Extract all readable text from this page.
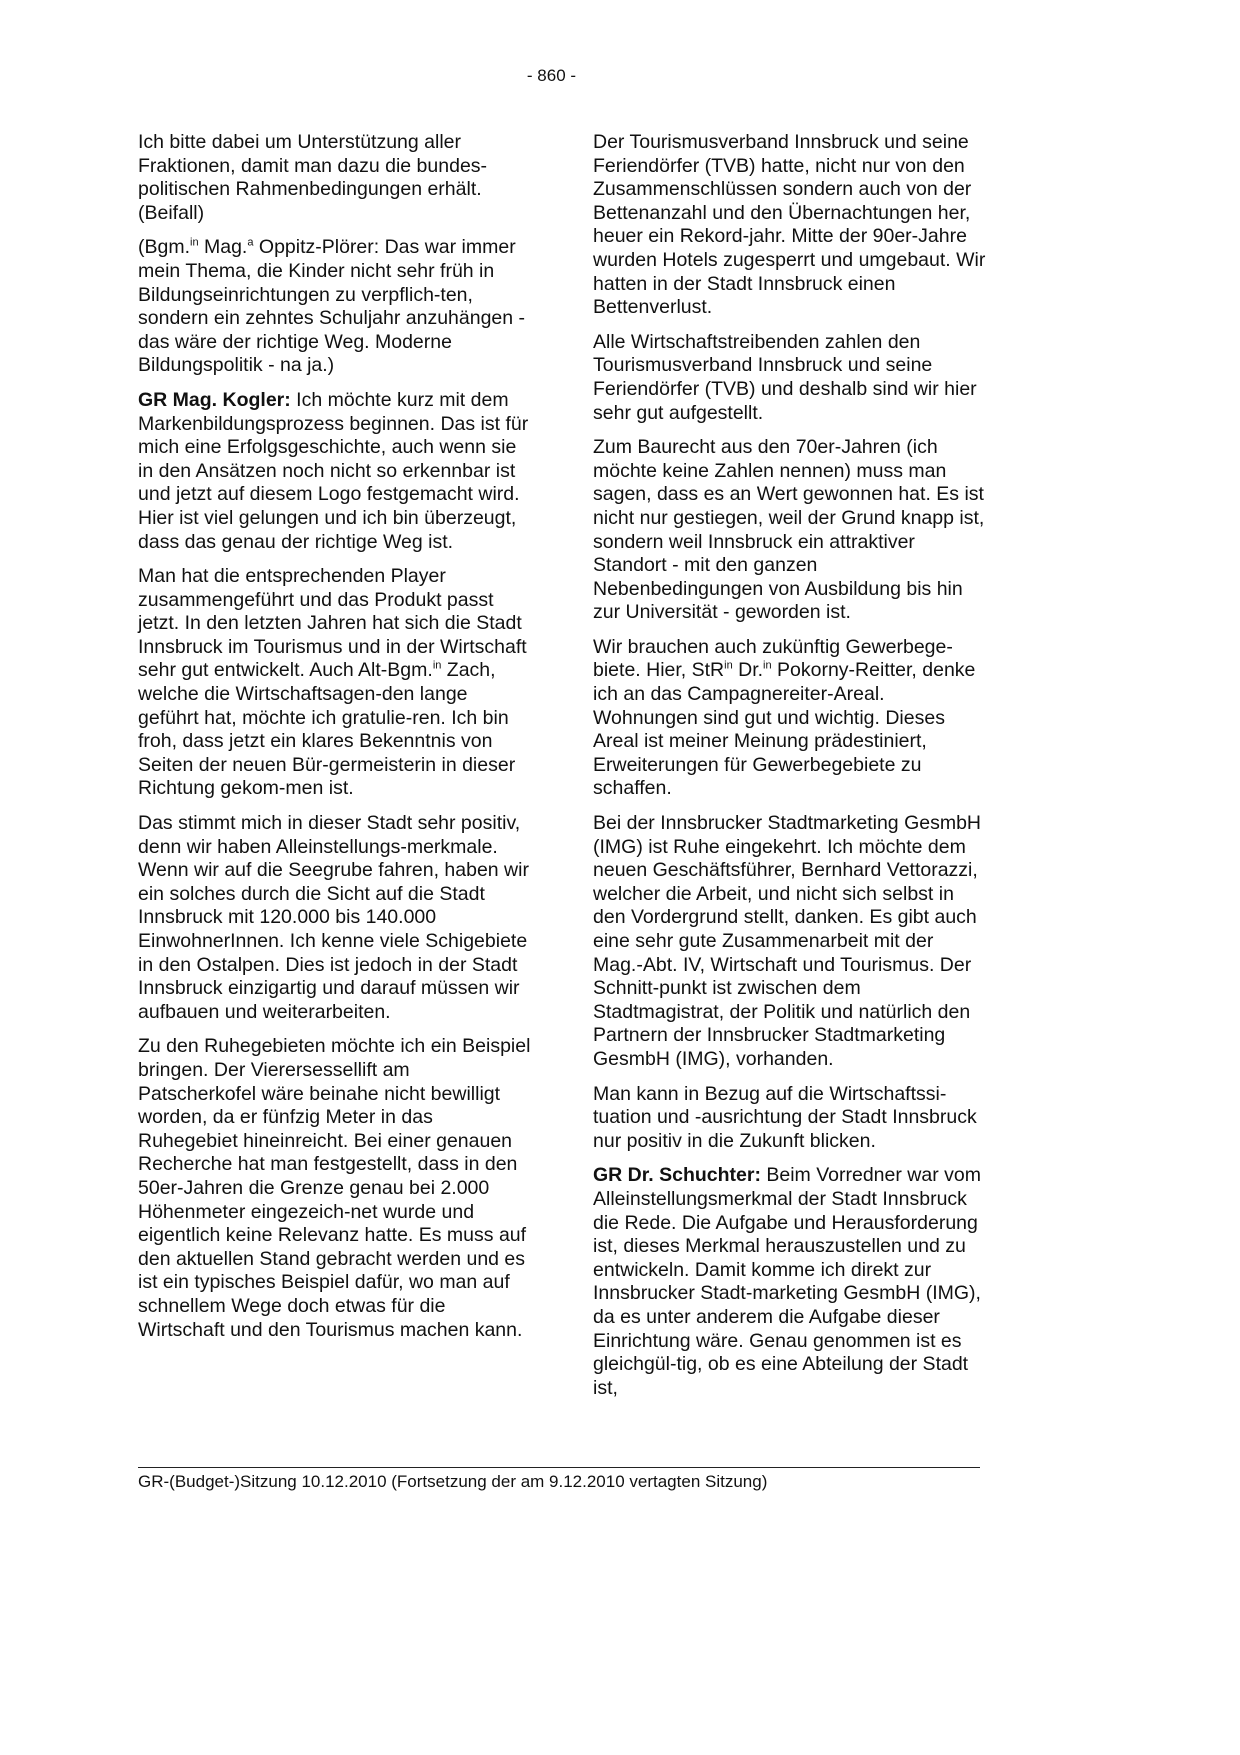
- 860 -

Ich bitte dabei um Unterstützung aller Fraktionen, damit man dazu die bundes-politischen Rahmenbedingungen erhält. (Beifall)

(Bgm.$^{in}$ Mag.$^a$ Oppitz-Plörer: Das war immer mein Thema, die Kinder nicht sehr früh in Bildungseinrichtungen zu verpflich-ten, sondern ein zehntes Schuljahr anzuhängen - das wäre der richtige Weg. Moderne Bildungspolitik - na ja.)

GR Mag. Kogler: Ich möchte kurz mit dem Markenbildungsprozess beginnen. Das ist für mich eine Erfolgsgeschichte, auch wenn sie in den Ansätzen noch nicht so erkennbar ist und jetzt auf diesem Logo festgemacht wird. Hier ist viel gelungen und ich bin überzeugt, dass das genau der richtige Weg ist.

Man hat die entsprechenden Player zusammengeführt und das Produkt passt jetzt. In den letzten Jahren hat sich die Stadt Innsbruck im Tourismus und in der Wirtschaft sehr gut entwickelt. Auch Alt-Bgm.$^{in}$ Zach, welche die Wirtschaftsagen-den lange geführt hat, möchte ich gratulie-ren. Ich bin froh, dass jetzt ein klares Bekenntnis von Seiten der neuen Bür-germeisterin in dieser Richtung gekom-men ist.

Das stimmt mich in dieser Stadt sehr positiv, denn wir haben Alleinstellungs-merkmale. Wenn wir auf die Seegrube fahren, haben wir ein solches durch die Sicht auf die Stadt Innsbruck mit 120.000 bis 140.000 EinwohnerInnen. Ich kenne viele Schigebiete in den Ostalpen. Dies ist jedoch in der Stadt Innsbruck einzigartig und darauf müssen wir aufbauen und weiterarbeiten.

Zu den Ruhegebieten möchte ich ein Beispiel bringen. Der Vierersessellift am Patscherkofel wäre beinahe nicht bewilligt worden, da er fünfzig Meter in das Ruhegebiet hineinreicht. Bei einer genauen Recherche hat man festgestellt, dass in den 50er-Jahren die Grenze genau bei 2.000 Höhenmeter eingezeich-net wurde und eigentlich keine Relevanz hatte. Es muss auf den aktuellen Stand gebracht werden und es ist ein typisches Beispiel dafür, wo man auf schnellem Wege doch etwas für die Wirtschaft und den Tourismus machen kann.

Der Tourismusverband Innsbruck und seine Feriendörfer (TVB) hatte, nicht nur von den Zusammenschlüssen sondern auch von der Bettenanzahl und den Übernachtungen her, heuer ein Rekord-jahr. Mitte der 90er-Jahre wurden Hotels zugesperrt und umgebaut. Wir hatten in der Stadt Innsbruck einen Bettenverlust.

Alle Wirtschaftstreibenden zahlen den Tourismusverband Innsbruck und seine Feriendörfer (TVB) und deshalb sind wir hier sehr gut aufgestellt.

Zum Baurecht aus den 70er-Jahren (ich möchte keine Zahlen nennen) muss man sagen, dass es an Wert gewonnen hat. Es ist nicht nur gestiegen, weil der Grund knapp ist, sondern weil Innsbruck ein attraktiver Standort - mit den ganzen Nebenbedingungen von Ausbildung bis hin zur Universität - geworden ist.

Wir brauchen auch zukünftig Gewerbege-biete. Hier, StR$^{in}$ Dr.$^{in}$ Pokorny-Reitter, denke ich an das Campagnereiter-Areal. Wohnungen sind gut und wichtig. Dieses Areal ist meiner Meinung prädestiniert, Erweiterungen für Gewerbegebiete zu schaffen.

Bei der Innsbrucker Stadtmarketing GesmbH (IMG) ist Ruhe eingekehrt. Ich möchte dem neuen Geschäftsführer, Bernhard Vettorazzi, welcher die Arbeit, und nicht sich selbst in den Vordergrund stellt, danken. Es gibt auch eine sehr gute Zusammenarbeit mit der Mag.-Abt. IV, Wirtschaft und Tourismus. Der Schnitt-punkt ist zwischen dem Stadtmagistrat, der Politik und natürlich den Partnern der Innsbrucker Stadtmarketing GesmbH (IMG), vorhanden.

Man kann in Bezug auf die Wirtschaftssi-tuation und -ausrichtung der Stadt Innsbruck nur positiv in die Zukunft blicken.

GR Dr. Schuchter: Beim Vorredner war vom Alleinstellungsmerkmal der Stadt Innsbruck die Rede. Die Aufgabe und Herausforderung ist, dieses Merkmal herauszustellen und zu entwickeln. Damit komme ich direkt zur Innsbrucker Stadt-marketing GesmbH (IMG), da es unter anderem die Aufgabe dieser Einrichtung wäre. Genau genommen ist es gleichgül-tig, ob es eine Abteilung der Stadt ist,

GR-(Budget-)Sitzung 10.12.2010 (Fortsetzung der am 9.12.2010 vertagten Sitzung)
